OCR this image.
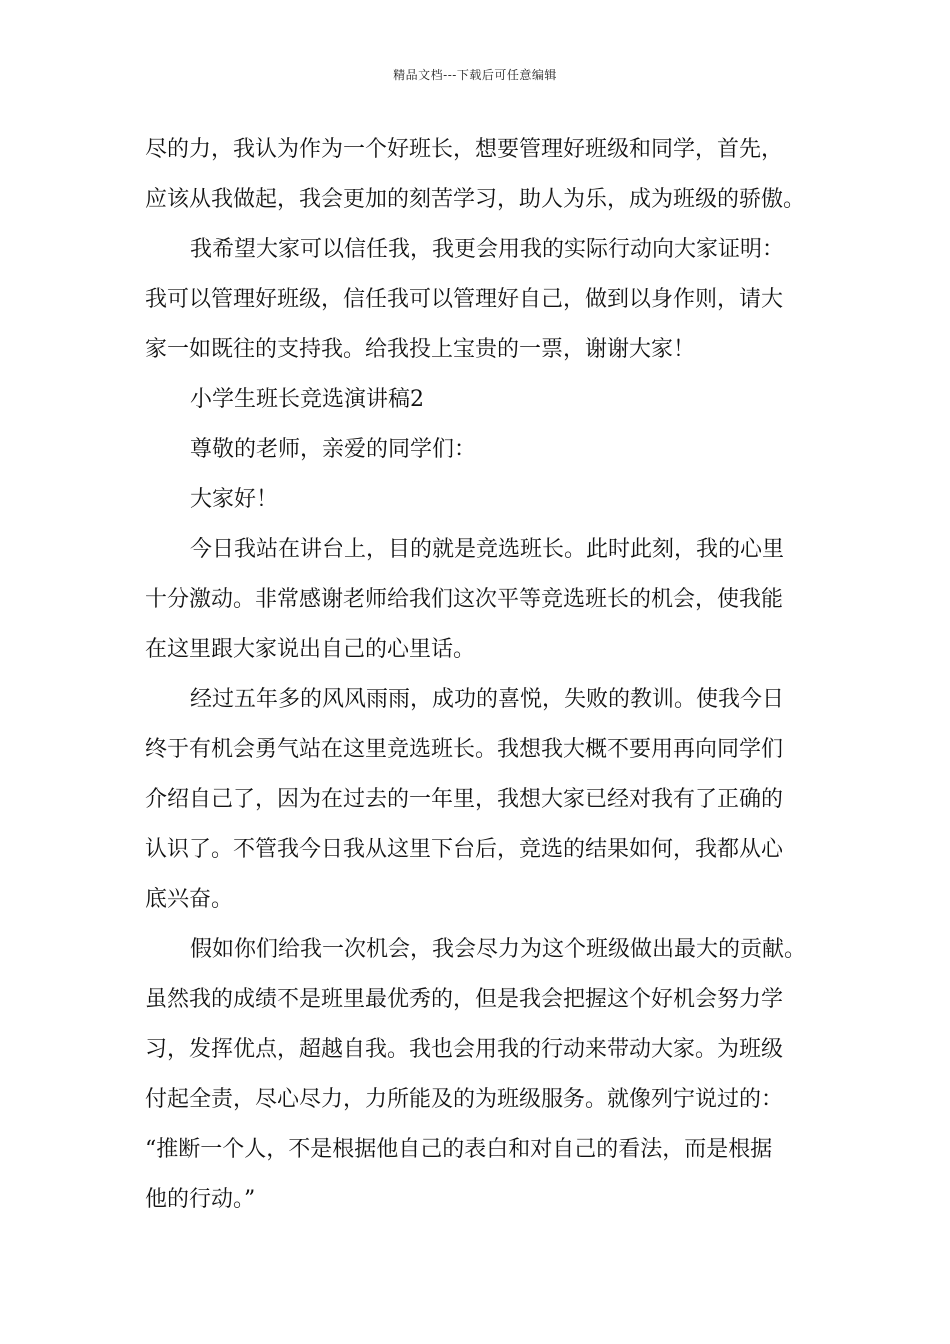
精品文档---下载后可任意编辑
尽的力，我认为作为一个好班长，想要管理好班级和同学，首先，
应该从我做起，我会更加的刻苦学习，助人为乐，成为班级的骄傲。
我希望大家可以信任我，我更会用我的实际行动向大家证明：
我可以管理好班级，信任我可以管理好自己，做到以身作则，请大
家一如既往的支持我。给我投上宝贵的一票，谢谢大家！
小学生班长竞选演讲稿2
尊敬的老师，亲爱的同学们：
大家好！
今日我站在讲台上，目的就是竞选班长。此时此刻，我的心里
十分激动。非常感谢老师给我们这次平等竞选班长的机会，使我能
在这里跟大家说出自己的心里话。
经过五年多的风风雨雨，成功的喜悦，失败的教训。使我今日
终于有机会勇气站在这里竞选班长。我想我大概不要用再向同学们
介绍自己了，因为在过去的一年里，我想大家已经对我有了正确的
认识了。不管我今日我从这里下台后，竞选的结果如何，我都从心
底兴奋。
假如你们给我一次机会，我会尽力为这个班级做出最大的贡献。
虽然我的成绩不是班里最优秀的，但是我会把握这个好机会努力学
习，发挥优点，超越自我。我也会用我的行动来带动大家。为班级
付起全责，尽心尽力，力所能及的为班级服务。就像列宁说过的：
“推断一个人，不是根据他自己的表白和对自己的看法，而是根据
他的行动。”
